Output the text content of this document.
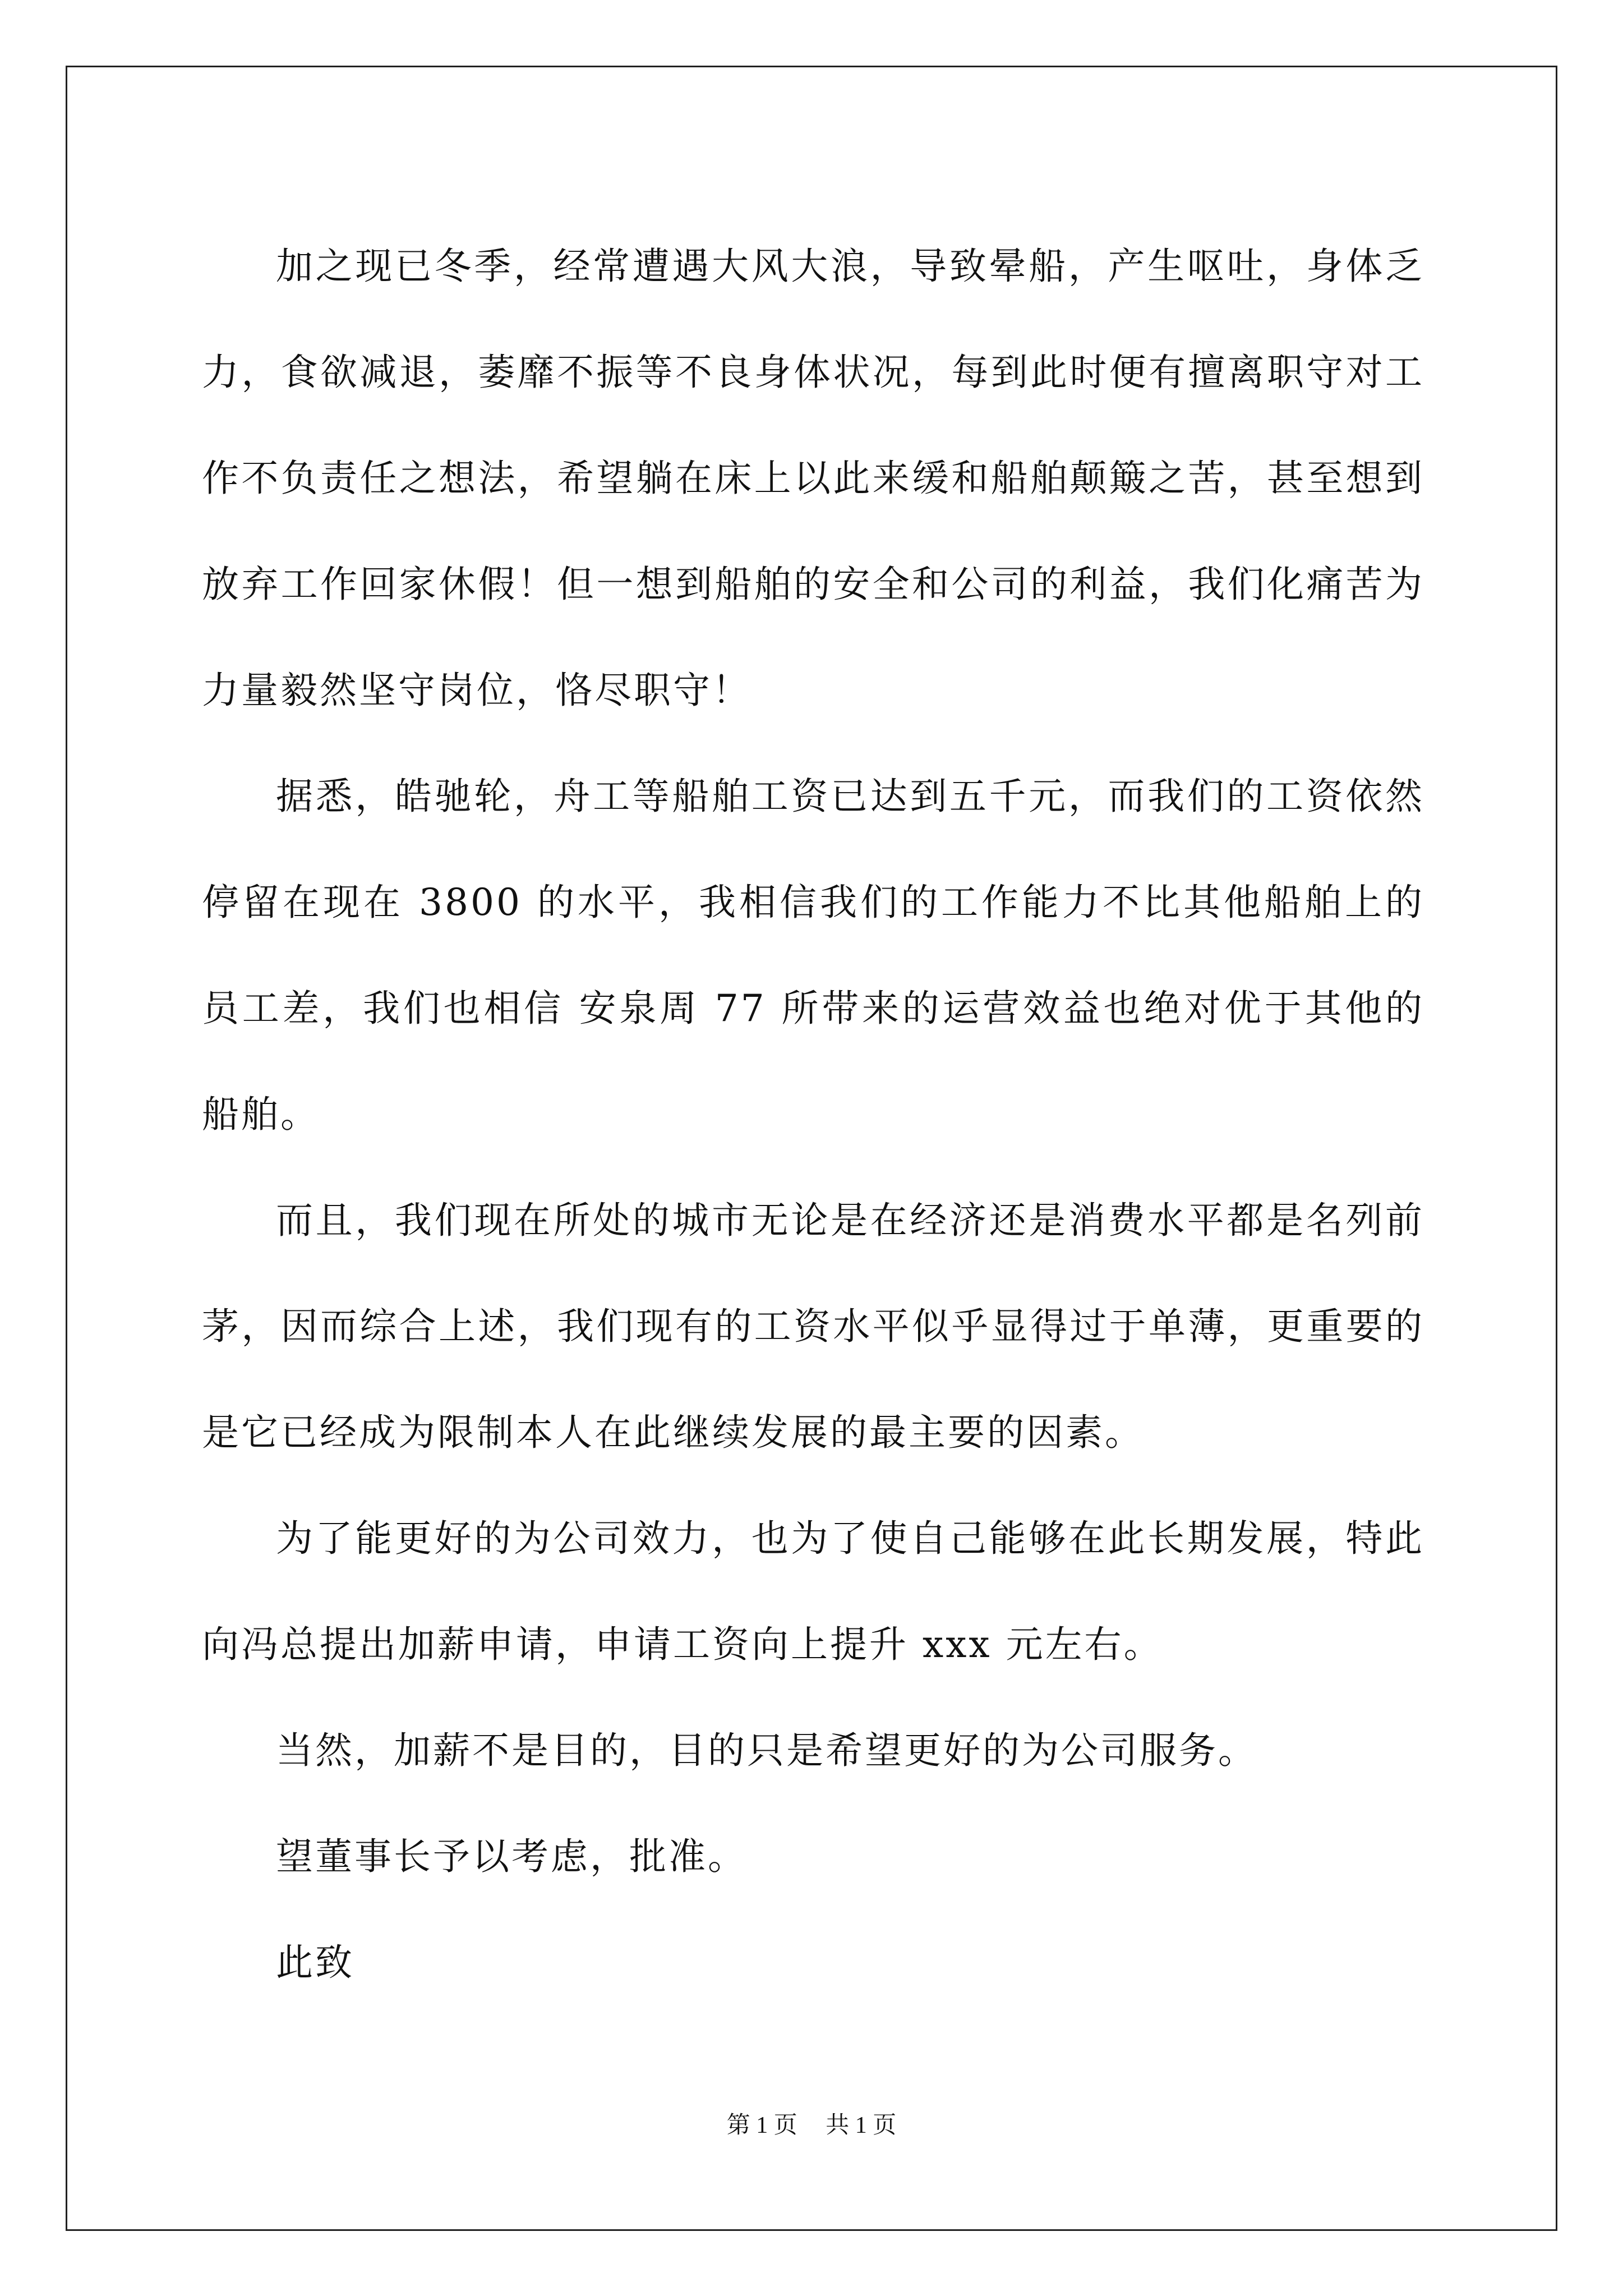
加之现已冬季，经常遭遇大风大浪，导致晕船，产生呕吐，身体乏力，食欲减退，萎靡不振等不良身体状况，每到此时便有擅离职守对工作不负责任之想法，希望躺在床上以此来缓和船舶颠簸之苦，甚至想到放弃工作回家休假！但一想到船舶的安全和公司的利益，我们化痛苦为力量毅然坚守岗位，恪尽职守！

据悉，皓驰轮，舟工等船舶工资已达到五千元，而我们的工资依然停留在现在 3800 的水平，我相信我们的工作能力不比其他船舶上的员工差，我们也相信 安泉周 77 所带来的运营效益也绝对优于其他的船舶。

而且，我们现在所处的城市无论是在经济还是消费水平都是名列前茅，因而综合上述，我们现有的工资水平似乎显得过于单薄，更重要的是它已经成为限制本人在此继续发展的最主要的因素。

为了能更好的为公司效力，也为了使自己能够在此长期发展，特此向冯总提出加薪申请，申请工资向上提升 xxx 元左右。

当然，加薪不是目的，目的只是希望更好的为公司服务。

望董事长予以考虑，批准。

此致

第 1 页 共 1 页
